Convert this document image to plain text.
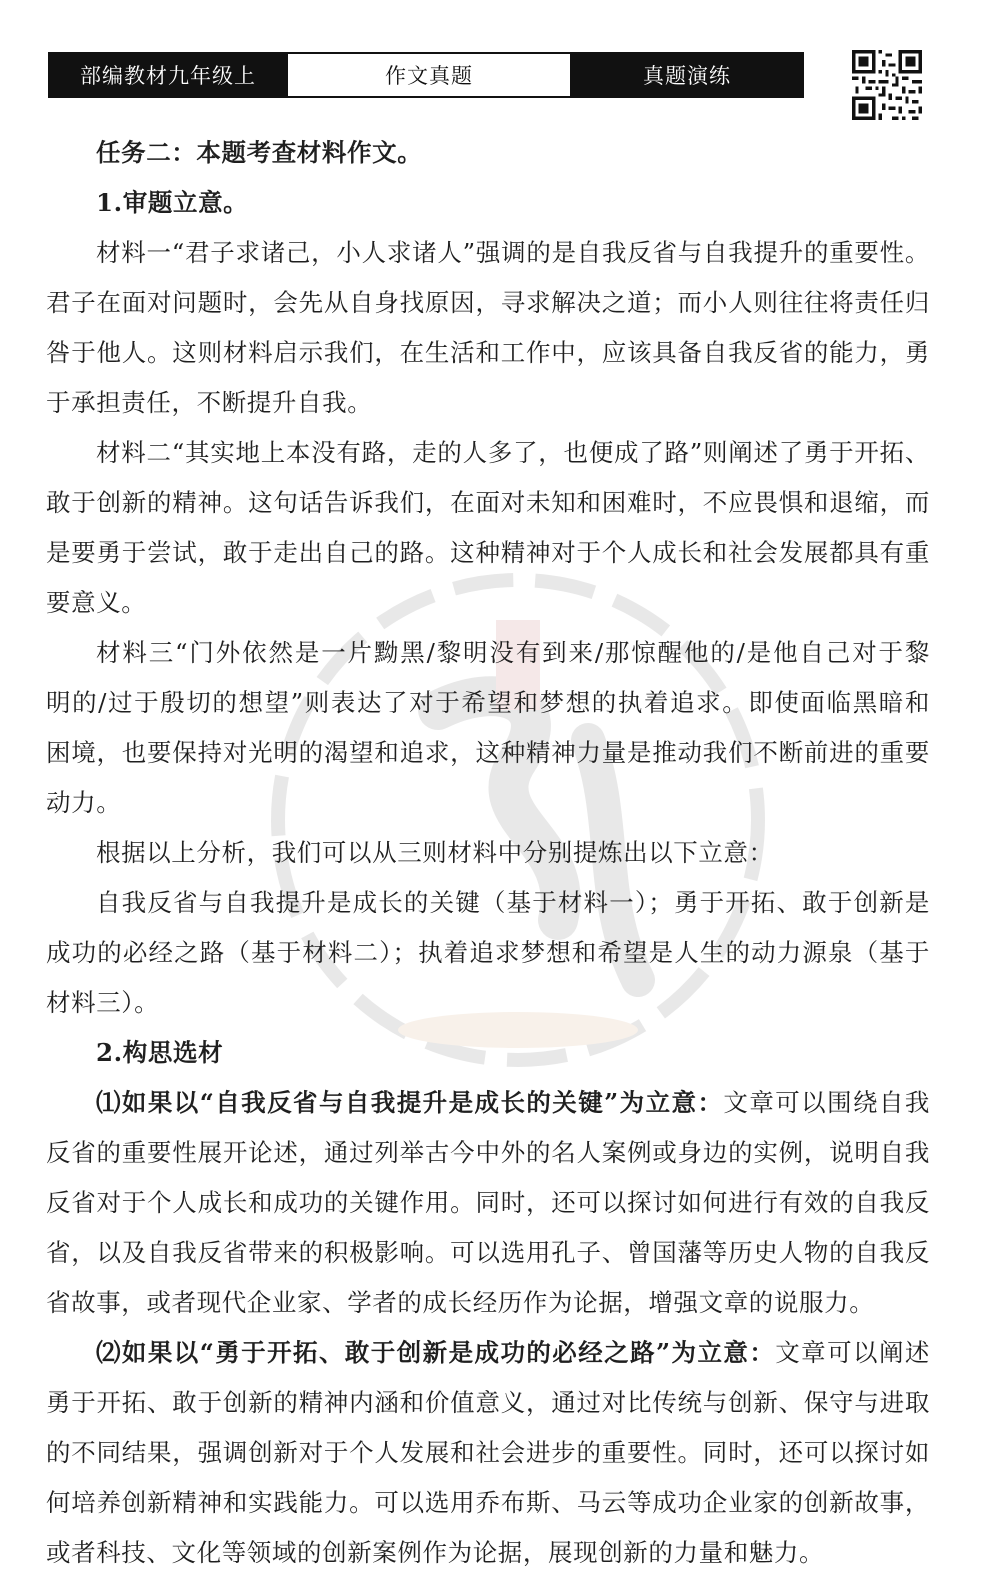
部编教材九年级上	作文真题	真题演练
任务二：本题考查材料作文。
1.审题立意。
材料一“君子求诸己，小人求诸人”强调的是自我反省与自我提升的重要性。
君子在面对问题时，会先从自身找原因，寻求解决之道；而小人则往往将责任归
咎于他人。这则材料启示我们，在生活和工作中，应该具备自我反省的能力，勇
于承担责任，不断提升自我。
材料二“其实地上本没有路，走的人多了，也便成了路”则阐述了勇于开拓、
敢于创新的精神。这句话告诉我们，在面对未知和困难时，不应畏惧和退缩，而
是要勇于尝试，敢于走出自己的路。这种精神对于个人成长和社会发展都具有重
要意义。
材料三“门外依然是一片黝黑/黎明没有到来/那惊醒他的/是他自己对于黎
明的/过于殷切的想望”则表达了对于希望和梦想的执着追求。即使面临黑暗和
困境，也要保持对光明的渴望和追求，这种精神力量是推动我们不断前进的重要
动力。
根据以上分析，我们可以从三则材料中分别提炼出以下立意：
自我反省与自我提升是成长的关键（基于材料一）；勇于开拓、敢于创新是
成功的必经之路（基于材料二）；执着追求梦想和希望是人生的动力源泉（基于
材料三）。
2.构思选材
⑴如果以“自我反省与自我提升是成长的关键”为立意：文章可以围绕自我
反省的重要性展开论述，通过列举古今中外的名人案例或身边的实例，说明自我
反省对于个人成长和成功的关键作用。同时，还可以探讨如何进行有效的自我反
省，以及自我反省带来的积极影响。可以选用孔子、曾国藩等历史人物的自我反
省故事，或者现代企业家、学者的成长经历作为论据，增强文章的说服力。
⑵如果以“勇于开拓、敢于创新是成功的必经之路”为立意：文章可以阐述
勇于开拓、敢于创新的精神内涵和价值意义，通过对比传统与创新、保守与进取
的不同结果，强调创新对于个人发展和社会进步的重要性。同时，还可以探讨如
何培养创新精神和实践能力。可以选用乔布斯、马云等成功企业家的创新故事，
或者科技、文化等领域的创新案例作为论据，展现创新的力量和魅力。
